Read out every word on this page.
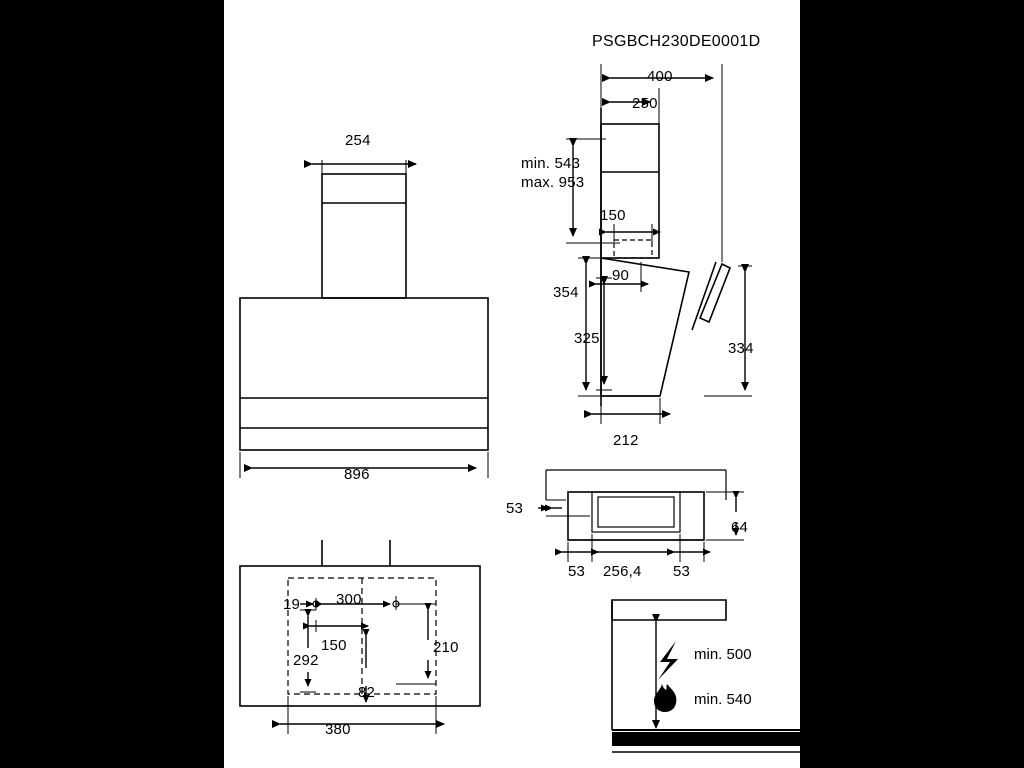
PSGBCH230DE0001D
254
896
400
250
min. 543
max. 953
150
90
354
325
334
212
53
64
53 256,4 53
19 300
150	210
292
82
380
min. 500
min. 540
